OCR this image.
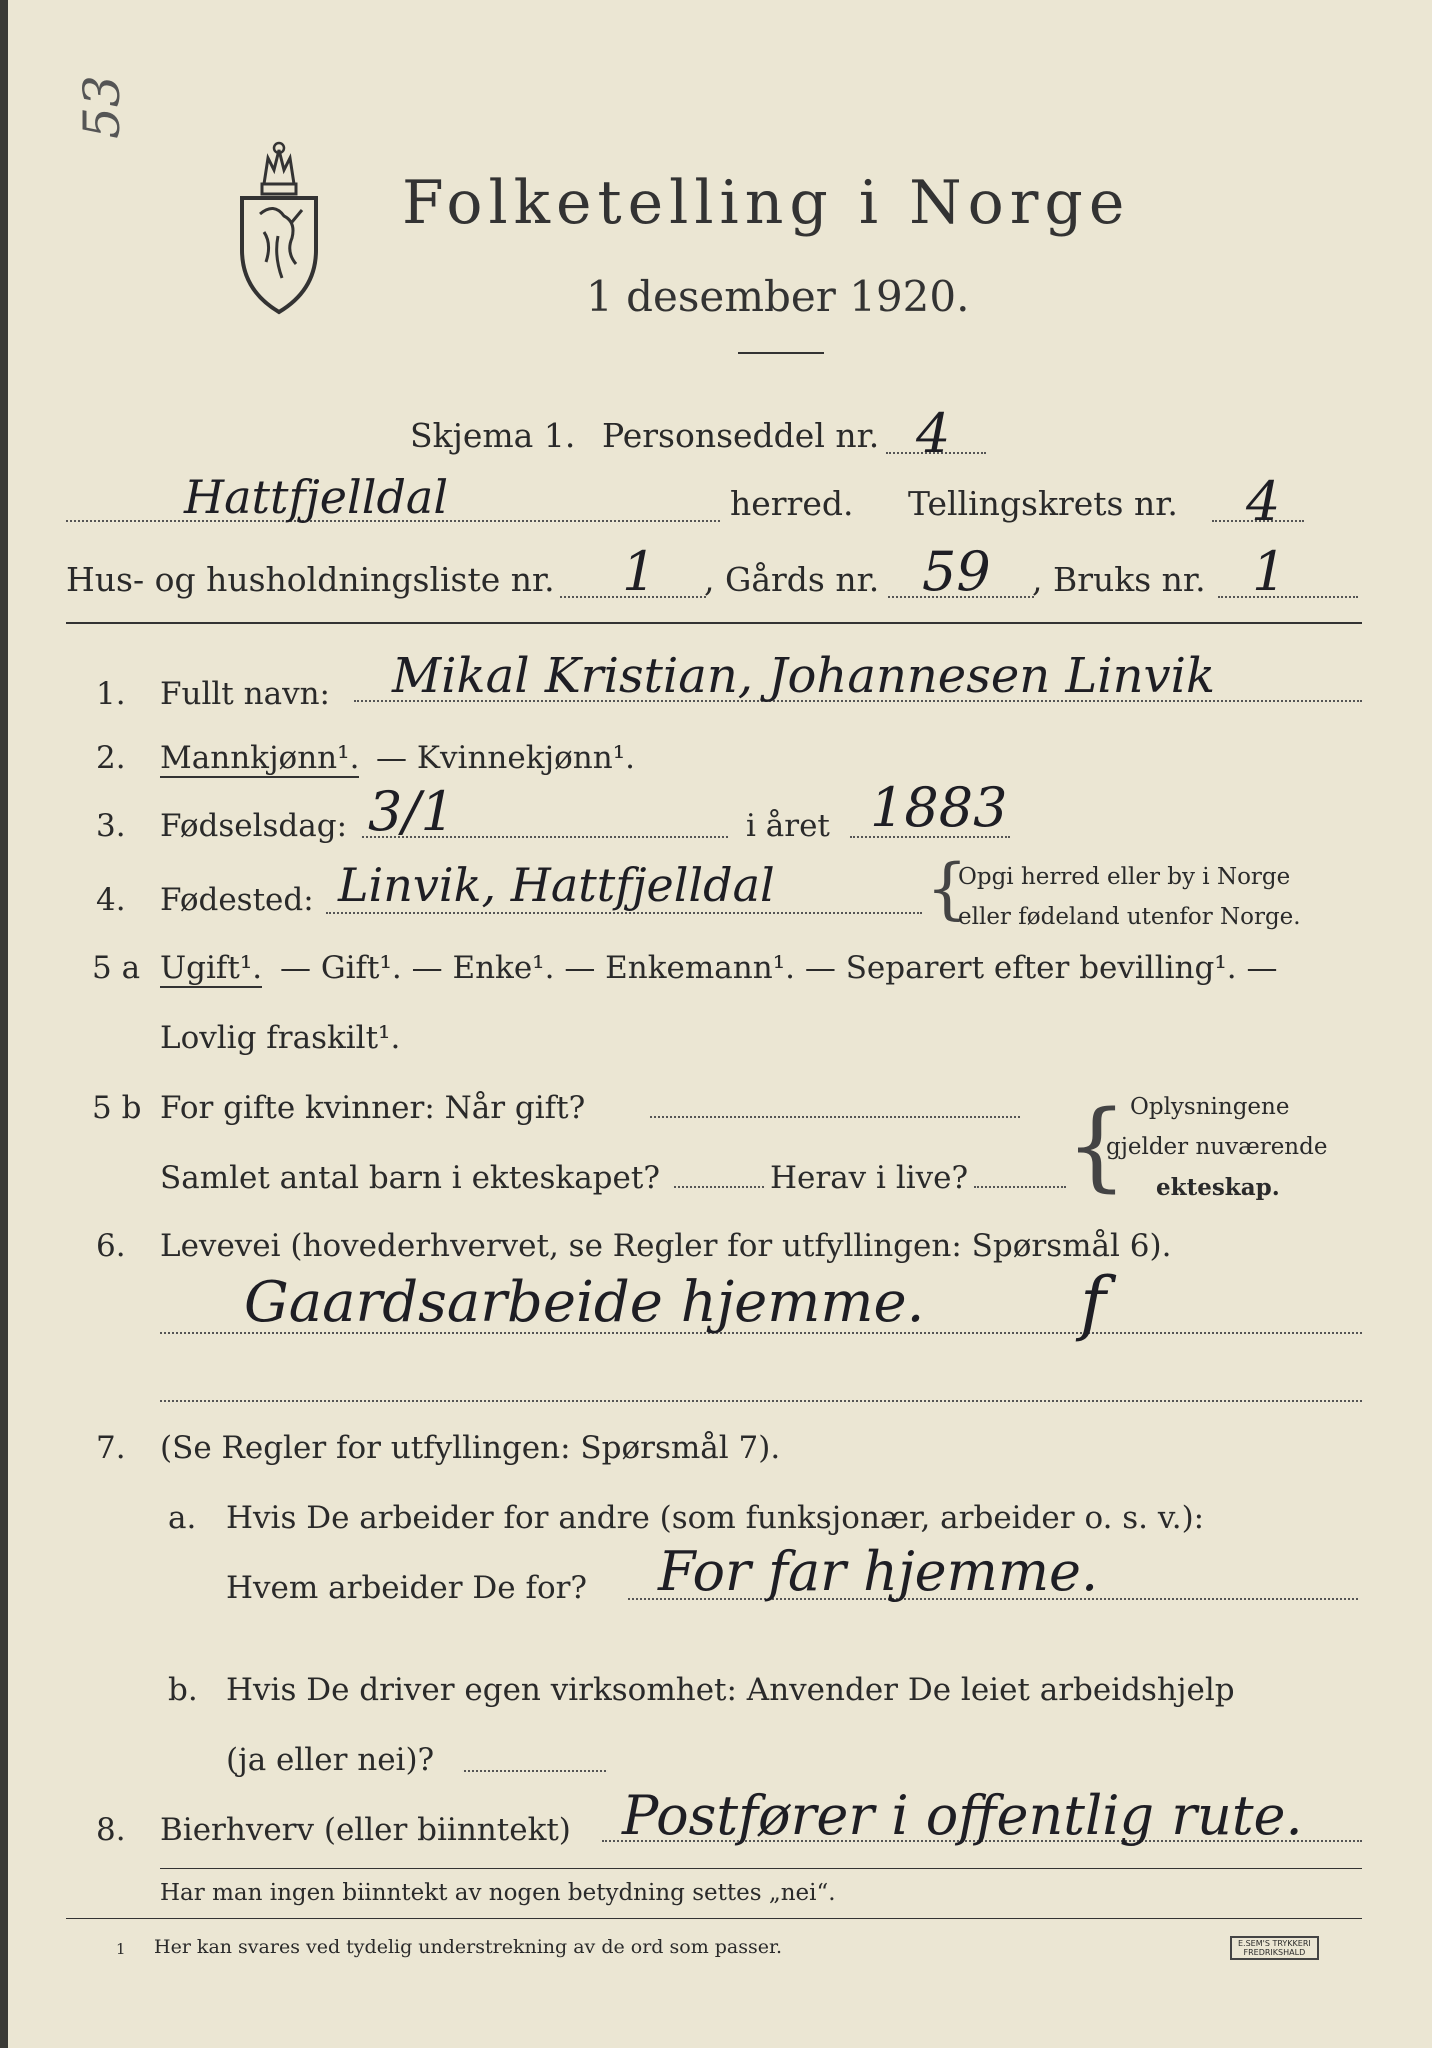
53
Folketelling i Norge
1 desember 1920.
Skjema 1. Personseddel nr. 4
Hattfjelldal	herred. Tellingskrets nr. 4
Hus- og husholdningsliste nr. 1 , Gårds nr. 59 , Bruks nr. 1
1. Fullt navn: Mikal Kristian, Johannesen Linvik
2. Mannkjønn¹. — Kvinnekjønn¹.
3. Fødselsdag: 3/1	i året 1883
4. Fødested: Linvik, Hattfjelldal {
Opgi herred eller by i Norge
eller fødeland utenfor Norge.
5 a Ugift¹. — Gift¹. — Enke¹. — Enkemann¹. — Separert efter bevilling¹. —
Lovlig fraskilt¹.
5 b For gifte kvinner: Når gift?
Samlet antal barn i ekteskapet?	Herav i live? { Oplysningene
gjelder nuværende
ekteskap.
6. Levevei (hovederhvervet, se Regler for utfyllingen: Spørsmål 6).
Gaardsarbeide hjemme. f
7. (Se Regler for utfyllingen: Spørsmål 7).
a. Hvis De arbeider for andre (som funksjonær, arbeider o. s. v.):
Hvem arbeider De for? For far hjemme.
b. Hvis De driver egen virksomhet: Anvender De leiet arbeidshjelp
(ja eller nei)?
8. Bierhverv (eller biinntekt) Postfører i offentlig rute.
Har man ingen biinntekt av nogen betydning settes „nei“.
1 Her kan svares ved tydelig understrekning av de ord som passer.	E.SEM'S TRYKKERI
FREDRIKSHALD
